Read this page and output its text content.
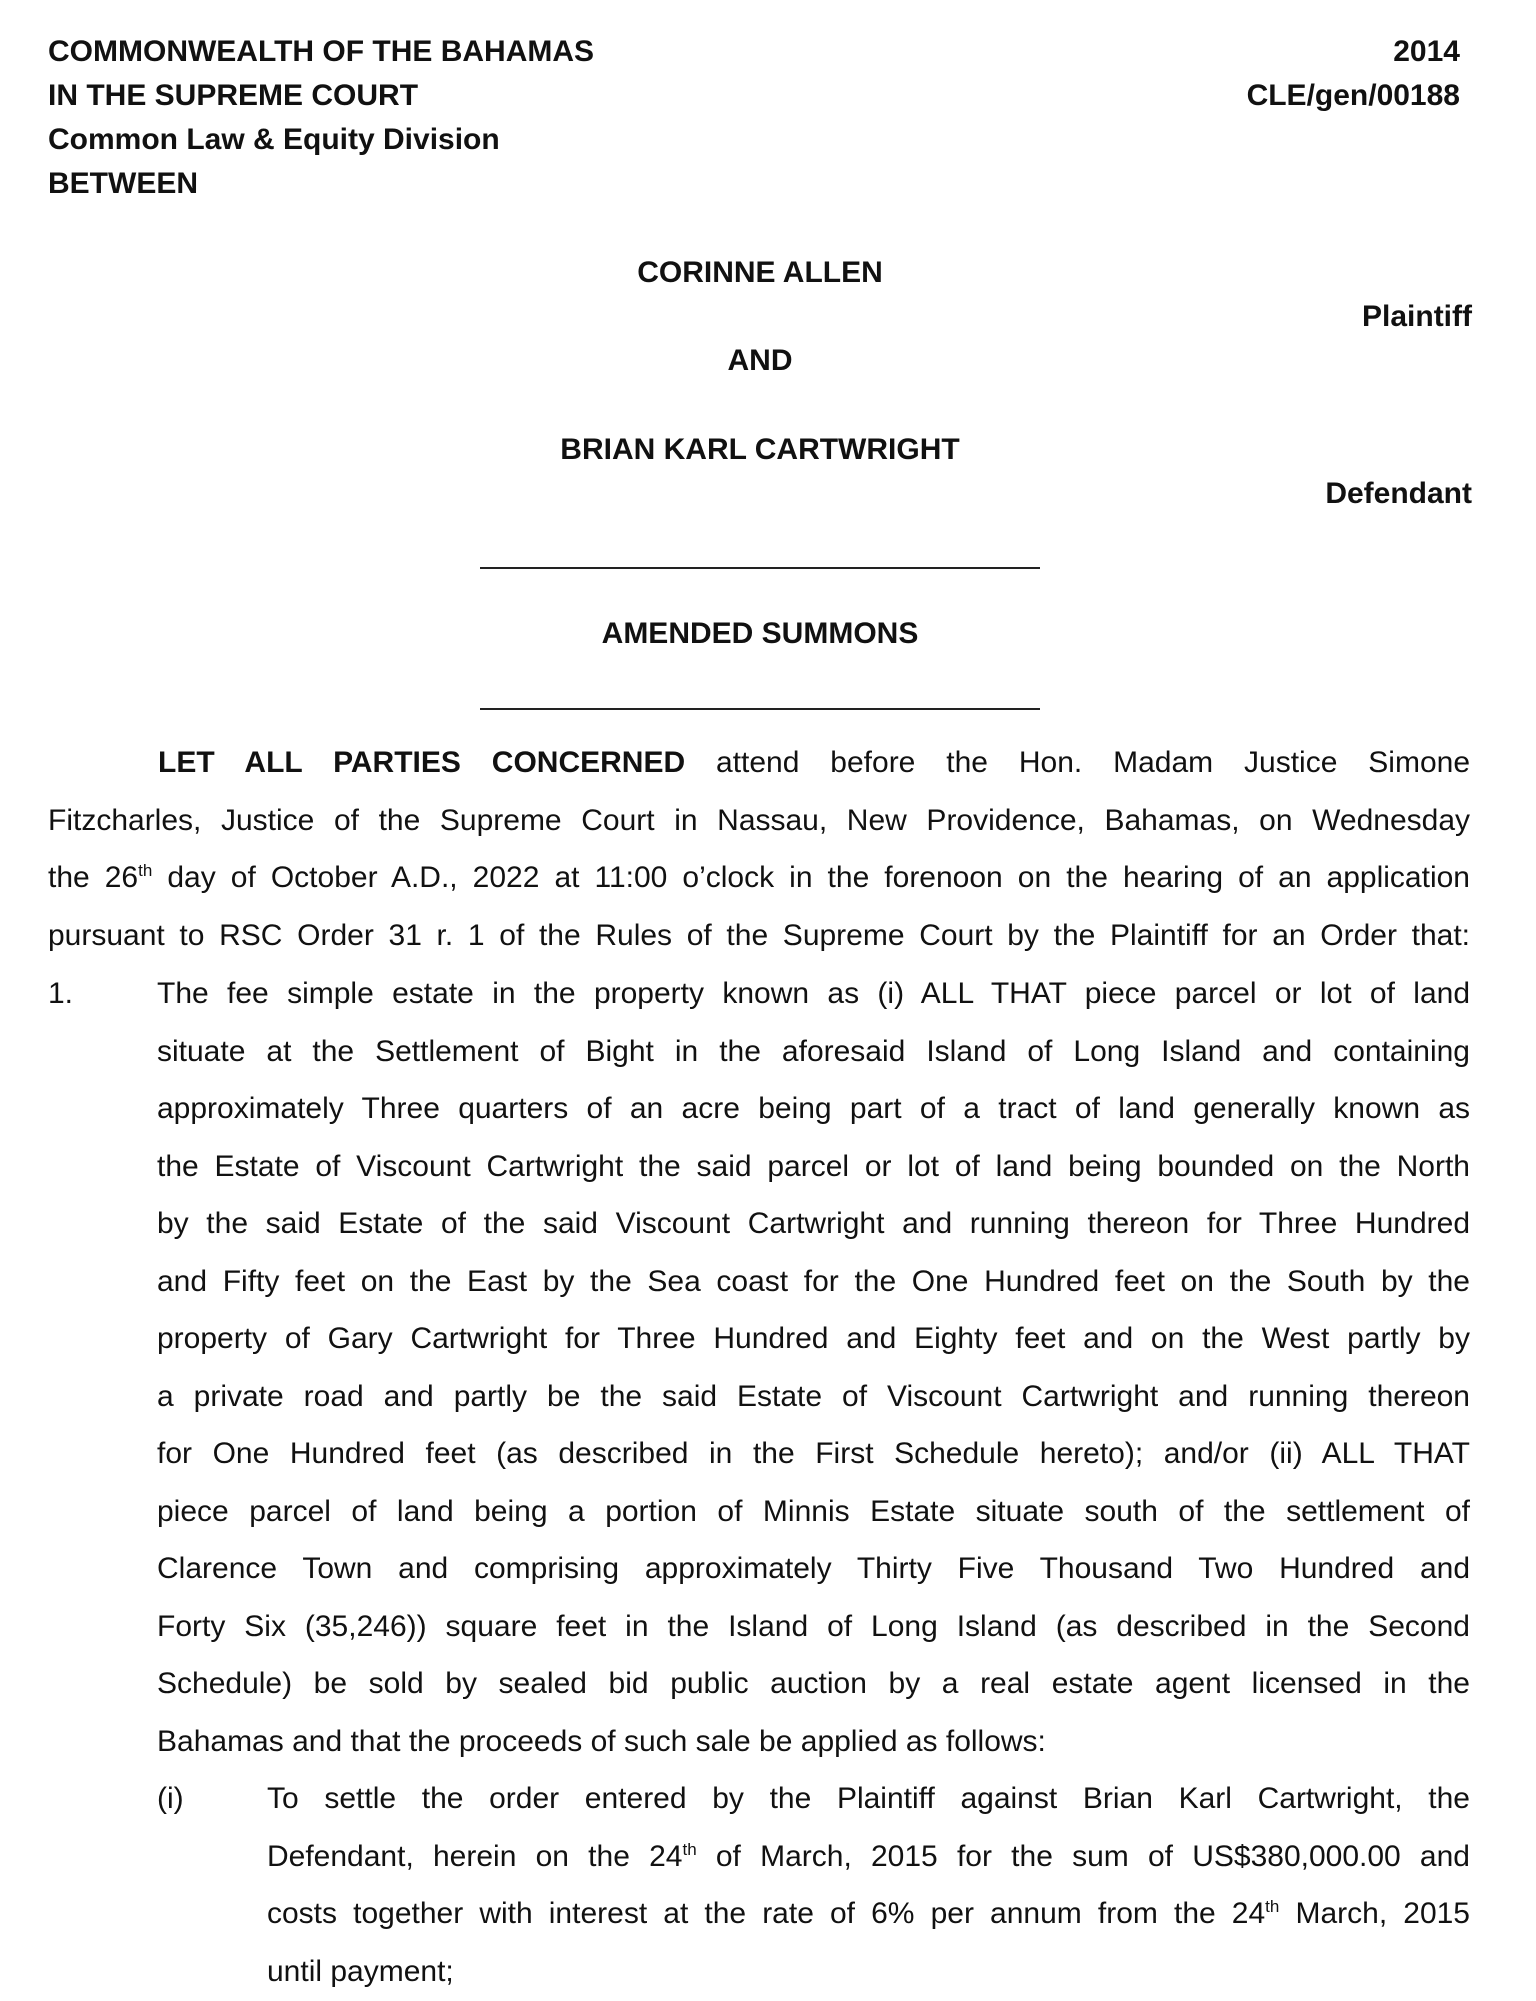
COMMONWEALTH OF THE BAHAMAS
IN THE SUPREME COURT
Common Law & Equity Division
BETWEEN
2014
CLE/gen/00188
CORINNE ALLEN
Plaintiff
AND
BRIAN KARL CARTWRIGHT
Defendant
AMENDED SUMMONS
LET ALL PARTIES CONCERNED attend before the Hon. Madam Justice Simone
Fitzcharles, Justice of the Supreme Court in Nassau, New Providence, Bahamas, on Wednesday
the 26th day of October A.D., 2022 at 11:00 o’clock in the forenoon on the hearing of an application
pursuant to RSC Order 31 r. 1 of the Rules of the Supreme Court by the Plaintiff for an Order that:
1.	The fee simple estate in the property known as (i) ALL THAT piece parcel or lot of land
situate at the Settlement of Bight in the aforesaid Island of Long Island and containing
approximately Three quarters of an acre being part of a tract of land generally known as
the Estate of Viscount Cartwright the said parcel or lot of land being bounded on the North
by the said Estate of the said Viscount Cartwright and running thereon for Three Hundred
and Fifty feet on the East by the Sea coast for the One Hundred feet on the South by the
property of Gary Cartwright for Three Hundred and Eighty feet and on the West partly by
a private road and partly be the said Estate of Viscount Cartwright and running thereon
for One Hundred feet (as described in the First Schedule hereto); and/or (ii) ALL THAT
piece parcel of land being a portion of Minnis Estate situate south of the settlement of
Clarence Town and comprising approximately Thirty Five Thousand Two Hundred and
Forty Six (35,246)) square feet in the Island of Long Island (as described in the Second
Schedule) be sold by sealed bid public auction by a real estate agent licensed in the
Bahamas and that the proceeds of such sale be applied as follows:
(i)	To settle the order entered by the Plaintiff against Brian Karl Cartwright, the
Defendant, herein on the 24th of March, 2015 for the sum of US$380,000.00 and
costs together with interest at the rate of 6% per annum from the 24th March, 2015
until payment;
